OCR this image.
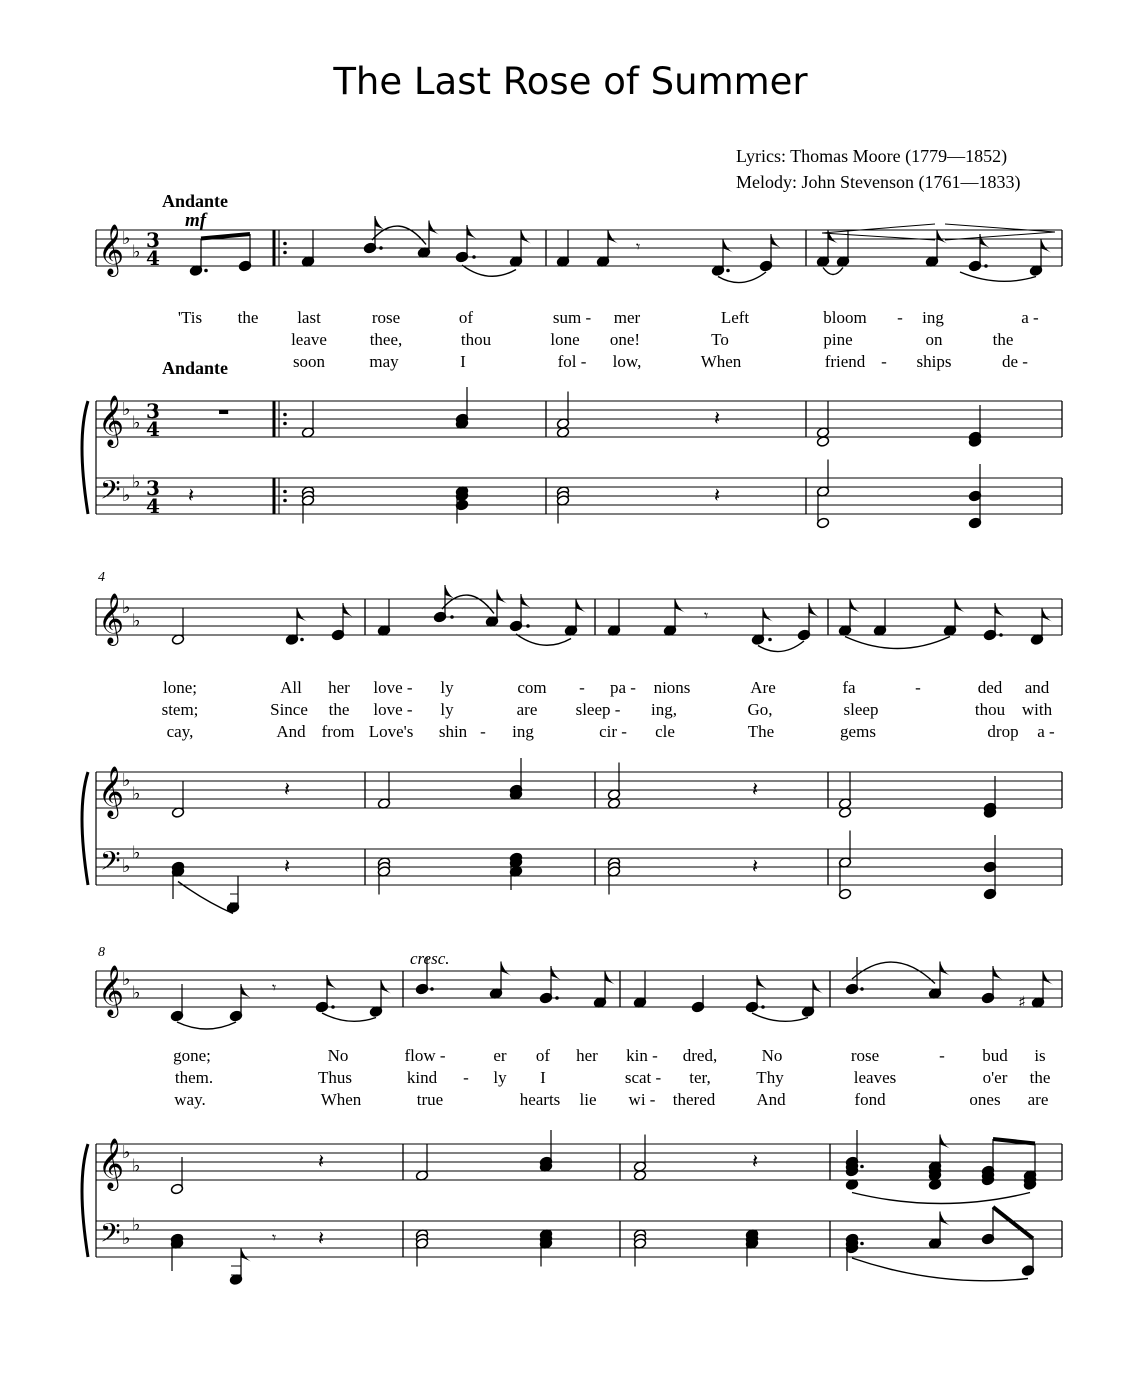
The Last Rose of Summer
Lyrics: Thomas Moore (1779—1852)
Melody: John Stevenson (1761—1833)
Andante
Andante
mf
cresc.
4
8
'Tis the last	rose	of	sum - mer	Left	bloom - ing	a -
leave	thee,	thou	lone one!	To	pine	on	the
soon	may	I	fol - low,	When	friend - ships	de -
lone;	All her love - ly	com - pa - nions	Are	fa	-	ded and
stem;	Since the love - ly	are sleep - ing,	Go,	sleep	thou with
cay,	And from Love's shin - ing	cir - cle	The	gems	drop a -
gone;	No	flow -	er of her kin - dred,	No	rose	- bud is
them.	Thus	kind - ly I	scat - ter,	Thy	leaves	o'er the
way.	When	true	hearts lie wi - thered And	fond	ones are
𝄞
𝄞
𝄢
♭
♭
♭
♭
♭
♭
3
4
3
4
3
4
𝄾
▬	𝄽
𝄽	𝄽
𝄞
𝄞
𝄢
♭
♭
♭
♭
♭
♭
𝄾
𝄽	𝄽
𝄽	𝄽
𝄞
𝄞
𝄢
♭
♭
♭
♭
♭
♭
𝄾
♯
𝄽	𝄽
𝄾 𝄽
